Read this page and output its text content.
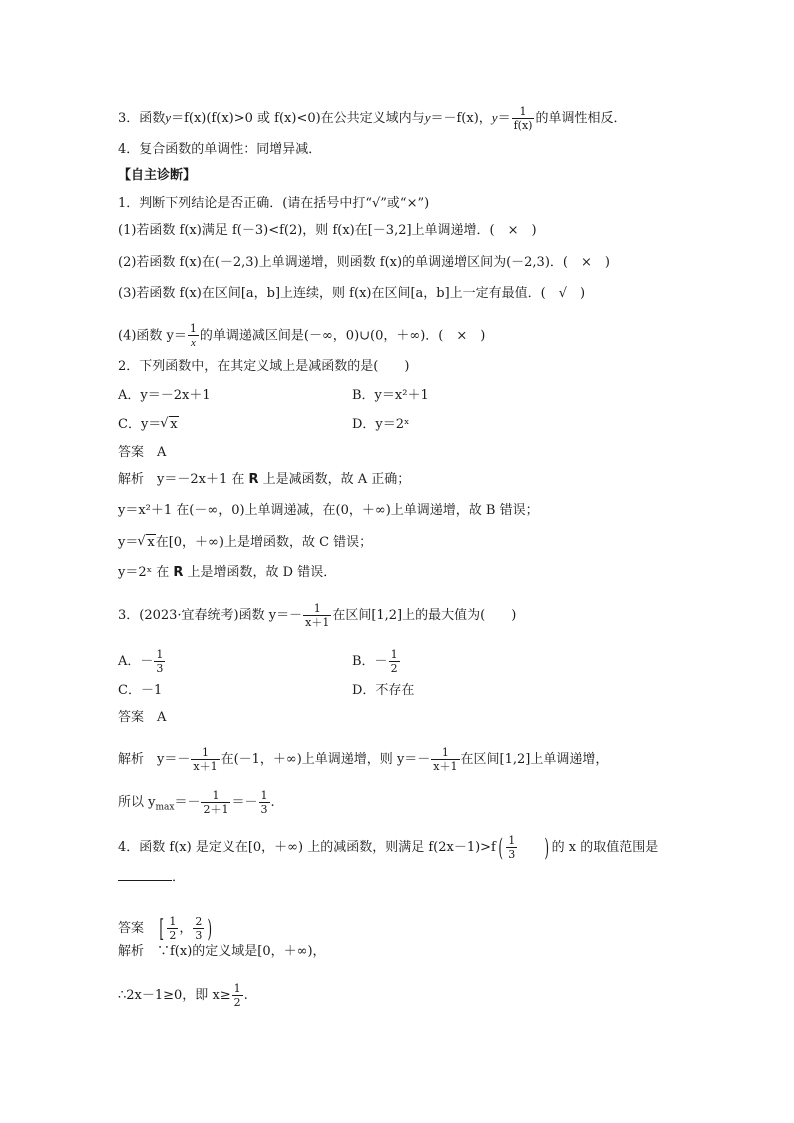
3．函数y＝f(x)(f(x)>0 或 f(x)<0)在公共定义域内与y＝－f(x)，$y= \frac{1}{f(x)}$ 的单调性相反．
4．复合函数的单调性：同增异减．
【自主诊断】
1．判断下列结论是否正确．(请在括号中打“√”或“×”)
(1)若函数 f(x)满足 f(－3)<f(2)，则 f(x)在[－3,2]上单调递增．(　×　)
(2)若函数 f(x)在(－2,3)上单调递增，则函数 f(x)的单调递增区间为(－2,3)．(　×　)
(3)若函数 f(x)在区间[a，b]上连续，则 f(x)在区间[a，b]上一定有最值．(　√　)
(4)函数 $y= \frac{1}{x}$的单调递减区间是(－∞，0)∪(0，＋∞)．(　×　)
2．下列函数中，在其定义域上是减函数的是(　　)
A．y＝－2x＋1	B．y＝x²＋1
C．y＝ √ x	D．y＝2ˣ
答案　A
解析　y＝－2x＋1 在 R 上是减函数，故 A 正确；
y＝x²＋1 在(－∞，0)上单调递减，在(0，＋∞)上单调递增，故 B 错误；
y＝ √ x在[0，＋∞)上是增函数，故 C 错误；
y＝2ˣ 在 R 上是增函数，故 D 错误．
3．(2023·宜春统考)函数 $y=- \frac{1}{x+1}$ 在区间[1,2]上的最大值为(　　)
A．－ $\frac{1}{3}$	B．－ $\frac{1}{2}$
C．－1	D．不存在
答案　A
解析　$y=- \frac{1}{x+1}$ 在(－1，＋∞)上单调递增，则 $y=- \frac{1}{x+1}$ 在区间[1,2]上单调递增，
所以 $y_{max}=- \frac{1}{2+1} =- \frac{1}{3}$ .
4．函数 f(x) 是定义在[0，＋∞) 上的减函数，则满足 $f(2x-1)>f( \frac{1}{3}$ ) 的 x 的取值范围是
．
答案　[ $\frac{1}{2}$ ， $\frac{2}{3}$ )
解析　∵f(x)的定义域是[0，＋∞)，
∴2x－1≥0，即 $x\ge \frac{1}{2}$ .
